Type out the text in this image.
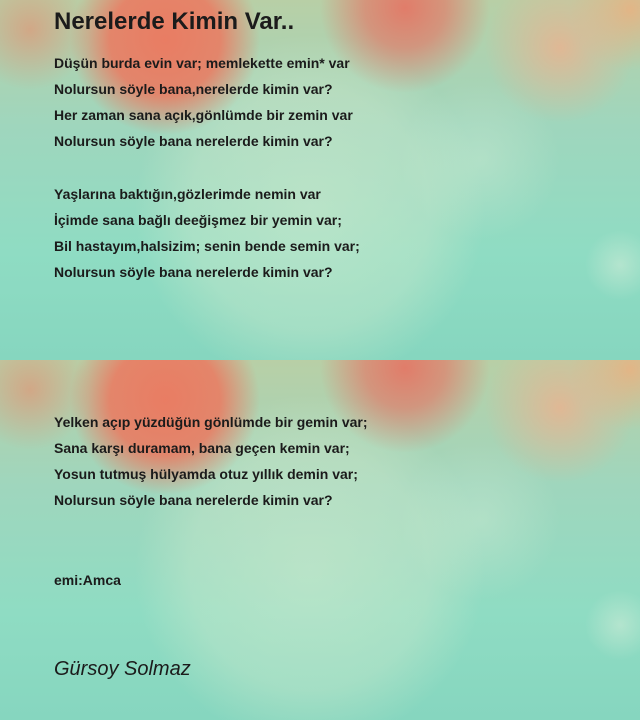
Nerelerde Kimin Var..
Düşün burda evin var; memlekette emin* var
Nolursun söyle bana,nerelerde kimin var?
Her zaman sana açık,gönlümde bir zemin var
Nolursun söyle bana nerelerde kimin var?
Yaşlarına baktığın,gözlerimde nemin var
İçimde sana bağlı deeğişmez bir yemin var;
Bil hastayım,halsizim; senin bende semin var;
Nolursun söyle bana nerelerde kimin var?
Yelken açıp yüzdüğün gönlümde bir gemin var;
Sana karşı duramam, bana geçen kemin var;
Yosun tutmuş hülyamda otuz yıllık demin var;
Nolursun söyle bana nerelerde kimin var?
emi:Amca
Gürsoy Solmaz
